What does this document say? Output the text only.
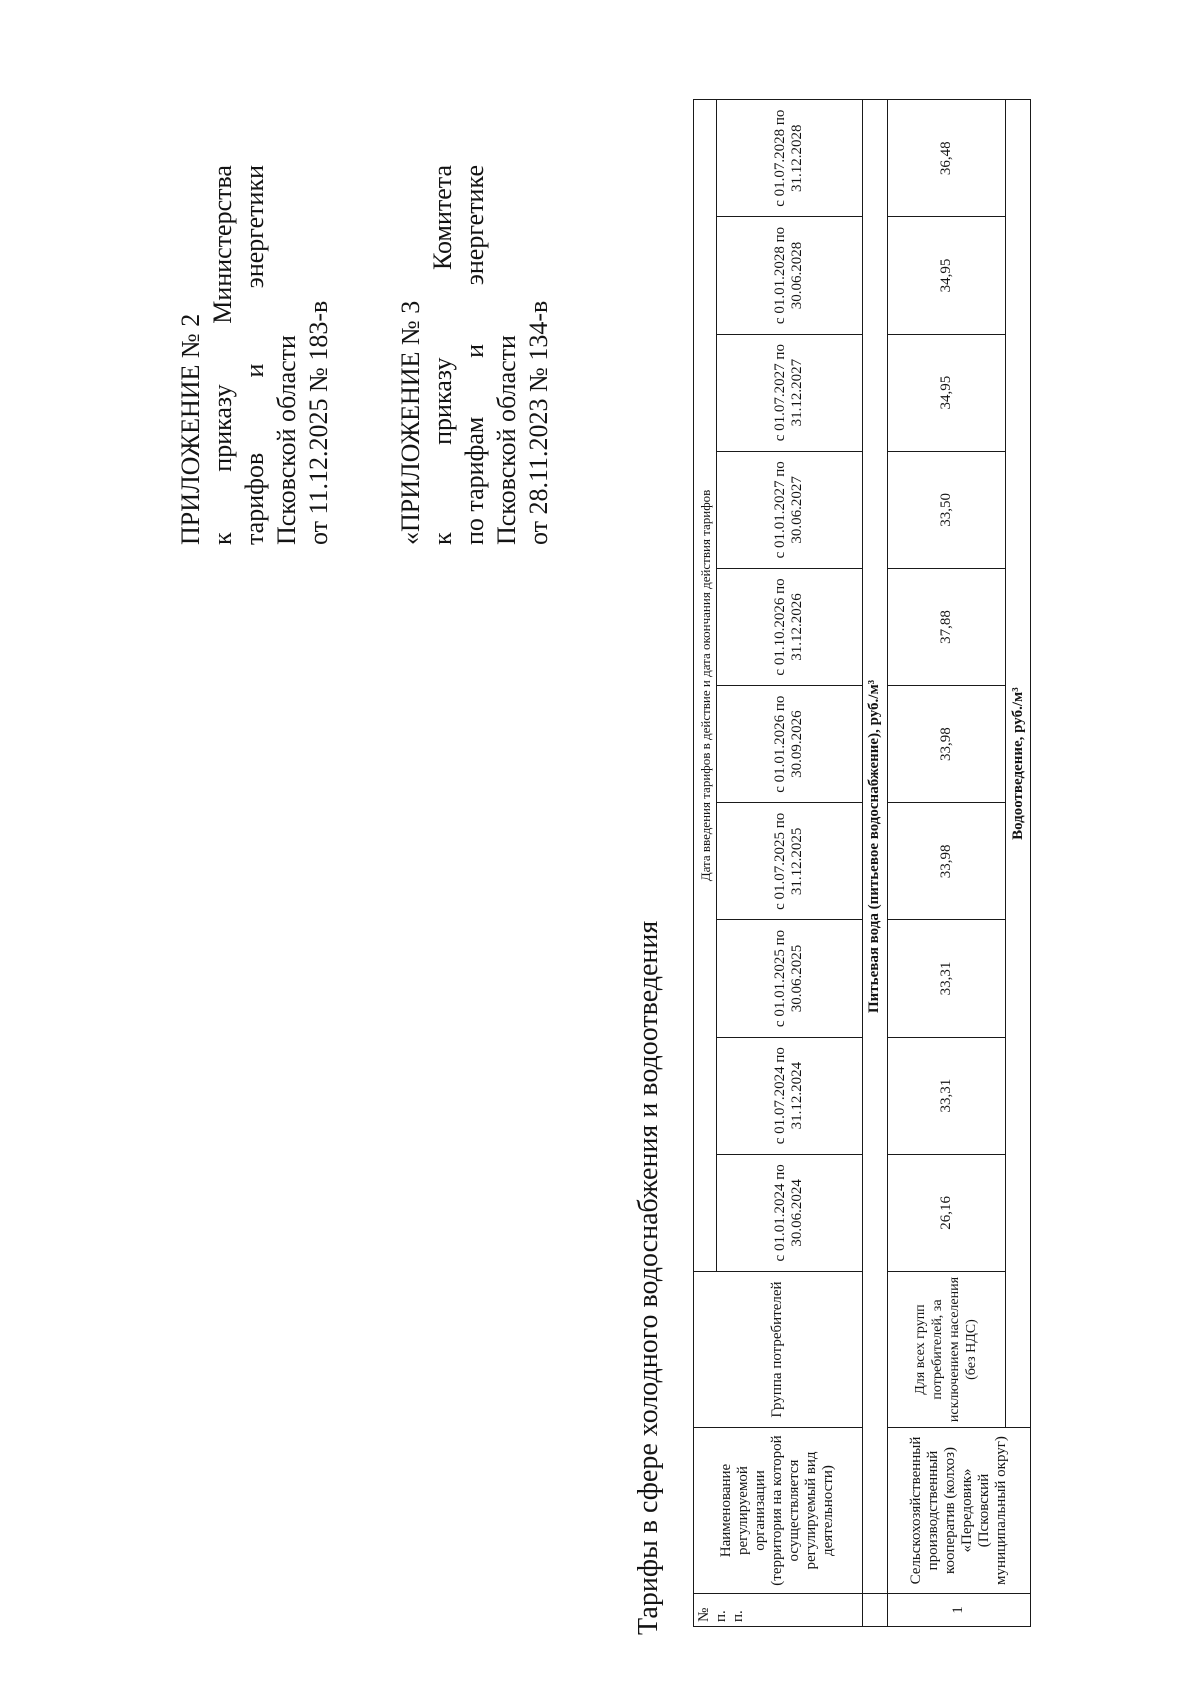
ПРИЛОЖЕНИЕ № 2 к
приказу
Министерства
тарифов
и
энергетики
Псковской области от 11.12.2025 № 183-в «ПРИЛОЖЕНИЕ № 3 к
приказу
Комитета
по тарифам
и
энергетике
Псковской области от 28.11.2023 № 134-в
Тарифы в сфере холодного водоснабжения и водоотведения № п. п.	Наименование регулируемой организации (территория на которой осуществляется регулируемый вид деятельности)	Группа потребителей	Дата введения тарифов в действие и дата окончания действия тарифов									
			с 01.01.2024 по 30.06.2024	с 01.07.2024 по 31.12.2024	с 01.01.2025 по 30.06.2025	с 01.07.2025 по 31.12.2025	с 01.01.2026 по 30.09.2026	с 01.10.2026 по 31.12.2026	с 01.01.2027 по 30.06.2027	с 01.07.2027 по 31.12.2027	с 01.01.2028 по 30.06.2028	с 01.07.2028 по 31.12.2028
	Питьевая вода (питьевое водоснабжение), руб./м³											
1	Сельскохозяйственный производственный кооператив (колхоз) «Передовик» (Псковский муниципальный округ)	Для всех групп потребителей, за исключением населения (без НДС)	26,16	33,31	33,31	33,98	33,98	37,88	33,50	34,95	34,95	36,48
		Водоотведение, руб./м³										
